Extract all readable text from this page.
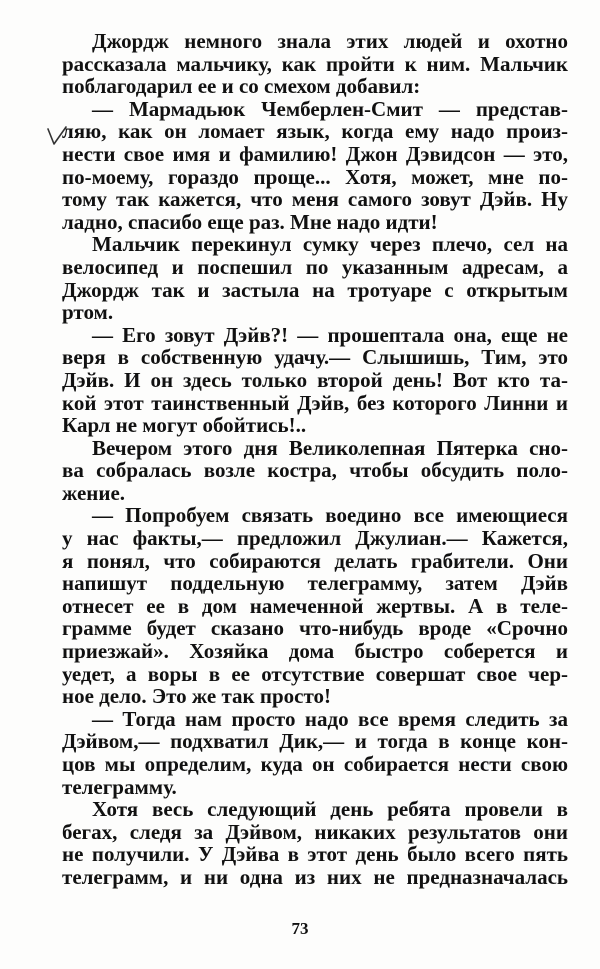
Джордж немного знала этих людей и охотно
рассказала мальчику, как пройти к ним. Мальчик
поблагодарил ее и со смехом добавил:
— Мармадьюк Чемберлен-Смит — представ-
ляю, как он ломает язык, когда ему надо произ-
нести свое имя и фамилию! Джон Дэвидсон — это,
по-моему, гораздо проще... Хотя, может, мне по-
тому так кажется, что меня самого зовут Дэйв. Ну
ладно, спасибо еще раз. Мне надо идти!
Мальчик перекинул сумку через плечо, сел на
велосипед и поспешил по указанным адресам, а
Джордж так и застыла на тротуаре с открытым
ртом.
— Его зовут Дэйв?! — прошептала она, еще не
веря в собственную удачу.— Слышишь, Тим, это
Дэйв. И он здесь только второй день! Вот кто та-
кой этот таинственный Дэйв, без которого Линни и
Карл не могут обойтись!..
Вечером этого дня Великолепная Пятерка сно-
ва собралась возле костра, чтобы обсудить поло-
жение.
— Попробуем связать воедино все имеющиеся
у нас факты,— предложил Джулиан.— Кажется,
я понял, что собираются делать грабители. Они
напишут поддельную телеграмму, затем Дэйв
отнесет ее в дом намеченной жертвы. А в теле-
грамме будет сказано что-нибудь вроде «Срочно
приезжай». Хозяйка дома быстро соберется и
уедет, а воры в ее отсутствие совершат свое чер-
ное дело. Это же так просто!
— Тогда нам просто надо все время следить за
Дэйвом,— подхватил Дик,— и тогда в конце кон-
цов мы определим, куда он собирается нести свою
телеграмму.
Хотя весь следующий день ребята провели в
бегах, следя за Дэйвом, никаких результатов они
не получили. У Дэйва в этот день было всего пять
телеграмм, и ни одна из них не предназначалась
73
